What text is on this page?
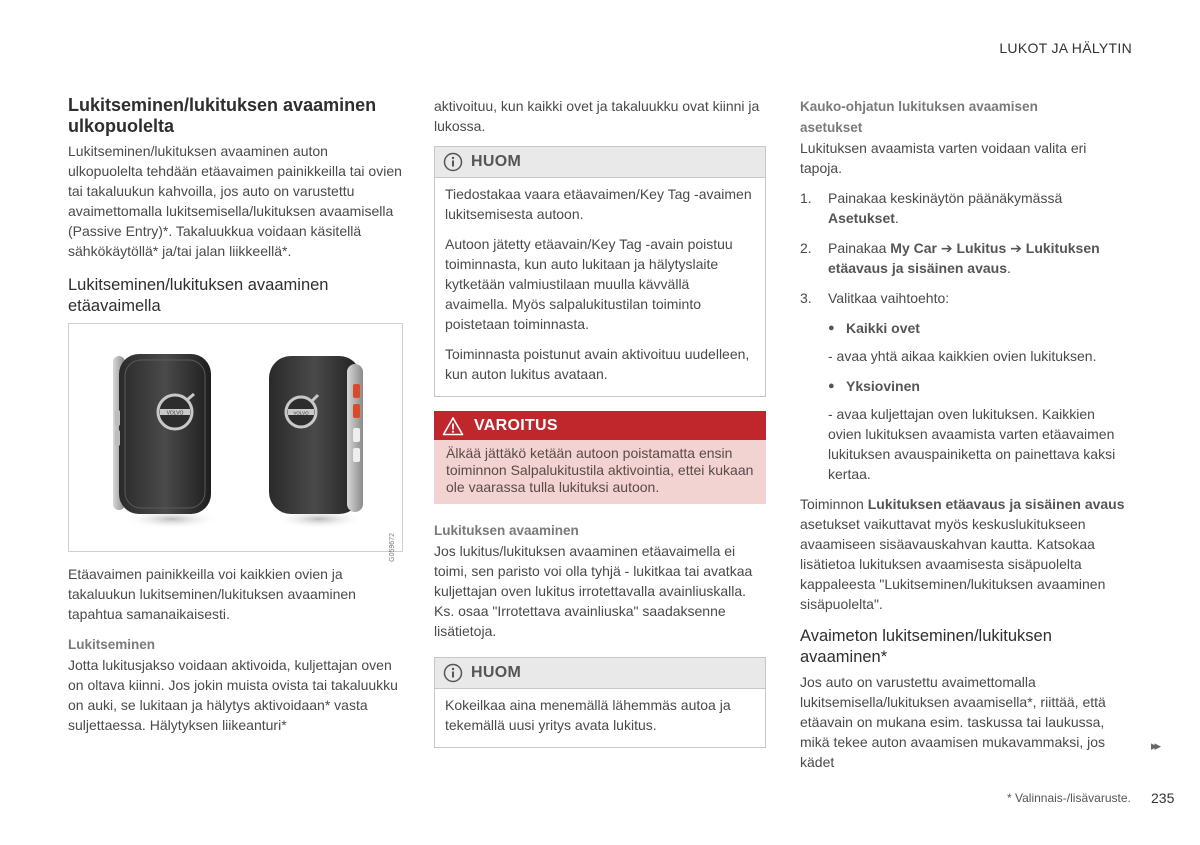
LUKOT JA HÄLYTIN
Lukitseminen/lukituksen avaaminen ulkopuolelta

Lukitseminen/lukituksen avaaminen auton ulkopuolelta tehdään etäavaimen painikkeilla tai ovien tai takaluukun kahvoilla, jos auto on varustettu avaimettomalla lukitsemisella/lukituksen avaamisella (Passive Entry)*. Takaluukkua voidaan käsitellä sähkökäytöllä* ja/tai jalan liikkeellä*.

Lukitseminen/lukituksen avaaminen etäavaimella
VOLVO	VOLVO
G059672

Etäavaimen painikkeilla voi kaikkien ovien ja takaluukun lukitseminen/lukituksen avaaminen tapahtua samanaikaisesti.

Lukitseminen

Jotta lukitusjakso voidaan aktivoida, kuljettajan oven on oltava kiinni. Jos jokin muista ovista tai takaluukku on auki, se lukitaan ja hälytys aktivoidaan* vasta suljettaessa. Hälytyksen liikeanturi*

aktivoituu, kun kaikki ovet ja takaluukku ovat kiinni ja lukossa.

HUOM

Tiedostakaa vaara etäavaimen/Key Tag -avaimen lukitsemisesta autoon.

Autoon jätetty etäavain/Key Tag -avain poistuu toiminnasta, kun auto lukitaan ja hälytyslaite kytketään valmiustilaan muulla kävvällä avaimella. Myös salpalukitustilan toiminto poistetaan toiminnasta.

Toiminnasta poistunut avain aktivoituu uudelleen, kun auton lukitus avataan.

VAROITUS

Älkää jättäkö ketään autoon poistamatta ensin toiminnon Salpalukitustila aktivointia, ettei kukaan ole vaarassa tulla lukituksi autoon.

Lukituksen avaaminen

Jos lukitus/lukituksen avaaminen etäavaimella ei toimi, sen paristo voi olla tyhjä - lukitkaa tai avatkaa kuljettajan oven lukitus irrotettavalla avainliuskalla. Ks. osaa "Irrotettava avainliuska" saadaksenne lisätietoja.

HUOM

Kokeilkaa aina menemällä lähemmäs autoa ja tekemällä uusi yritys avata lukitus.

Kauko-ohjatun lukituksen avaamisen asetukset

Lukituksen avaamista varten voidaan valita eri tapoja.

1. Painakaa keskinäytön päänäkymässä
Asetukset.
2. Painakaa My Car ➔ Lukitus ➔ Lukituksen etäavaus ja sisäinen avaus.
3. Valitkaa vaihtoehto:
● Kaikki ovet

- avaa yhtä aikaa kaikkien ovien lukituksen.

● Yksiovinen

- avaa kuljettajan oven lukituksen. Kaikkien ovien lukituksen avaamista varten etäavaimen lukituksen avauspainiketta on painettava kaksi kertaa.

Toiminnon Lukituksen etäavaus ja sisäinen avaus asetukset vaikuttavat myös keskuslukitukseen avaamiseen sisäavauskahvan kautta. Katsokaa lisätietoa lukituksen avaamisesta sisäpuolelta kappaleesta "Lukitseminen/lukituksen avaaminen sisäpuolelta".

Avaimeton lukitseminen/lukituksen avaaminen*

Jos auto on varustettu avaimettomalla lukitsemisella/lukituksen avaamisella*, riittää, että etäavain on mukana esim. taskussa tai laukussa, mikä tekee auton avaamisen mukavammaksi, jos kädet

▸▸
* Valinnais-/lisävaruste. 235
